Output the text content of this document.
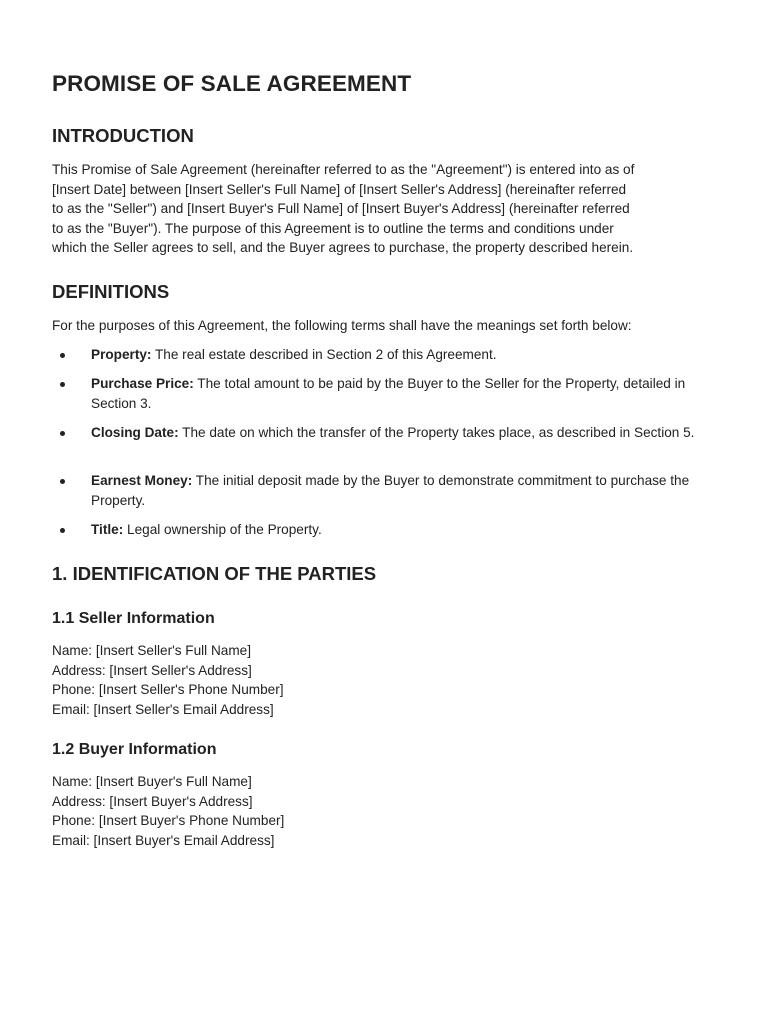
PROMISE OF SALE AGREEMENT
INTRODUCTION
This Promise of Sale Agreement (hereinafter referred to as the "Agreement") is entered into as of
[Insert Date] between [Insert Seller's Full Name] of [Insert Seller's Address] (hereinafter referred
to as the "Seller") and [Insert Buyer's Full Name] of [Insert Buyer's Address] (hereinafter referred
to as the "Buyer"). The purpose of this Agreement is to outline the terms and conditions under
which the Seller agrees to sell, and the Buyer agrees to purchase, the property described herein.
DEFINITIONS

For the purposes of this Agreement, the following terms shall have the meanings set forth below:

Property: The real estate described in Section 2 of this Agreement.
Purchase Price: The total amount to be paid by the Buyer to the Seller for the Property, detailed in Section 3.
Closing Date: The date on which the transfer of the Property takes place, as described in Section 5.
Earnest Money: The initial deposit made by the Buyer to demonstrate commitment to purchase the Property.
Title: Legal ownership of the Property.
1. IDENTIFICATION OF THE PARTIES
1.1 Seller Information
Name: [Insert Seller's Full Name]
Address: [Insert Seller's Address]
Phone: [Insert Seller's Phone Number]
Email: [Insert Seller's Email Address]
1.2 Buyer Information
Name: [Insert Buyer's Full Name]
Address: [Insert Buyer's Address]
Phone: [Insert Buyer's Phone Number]
Email: [Insert Buyer's Email Address]
